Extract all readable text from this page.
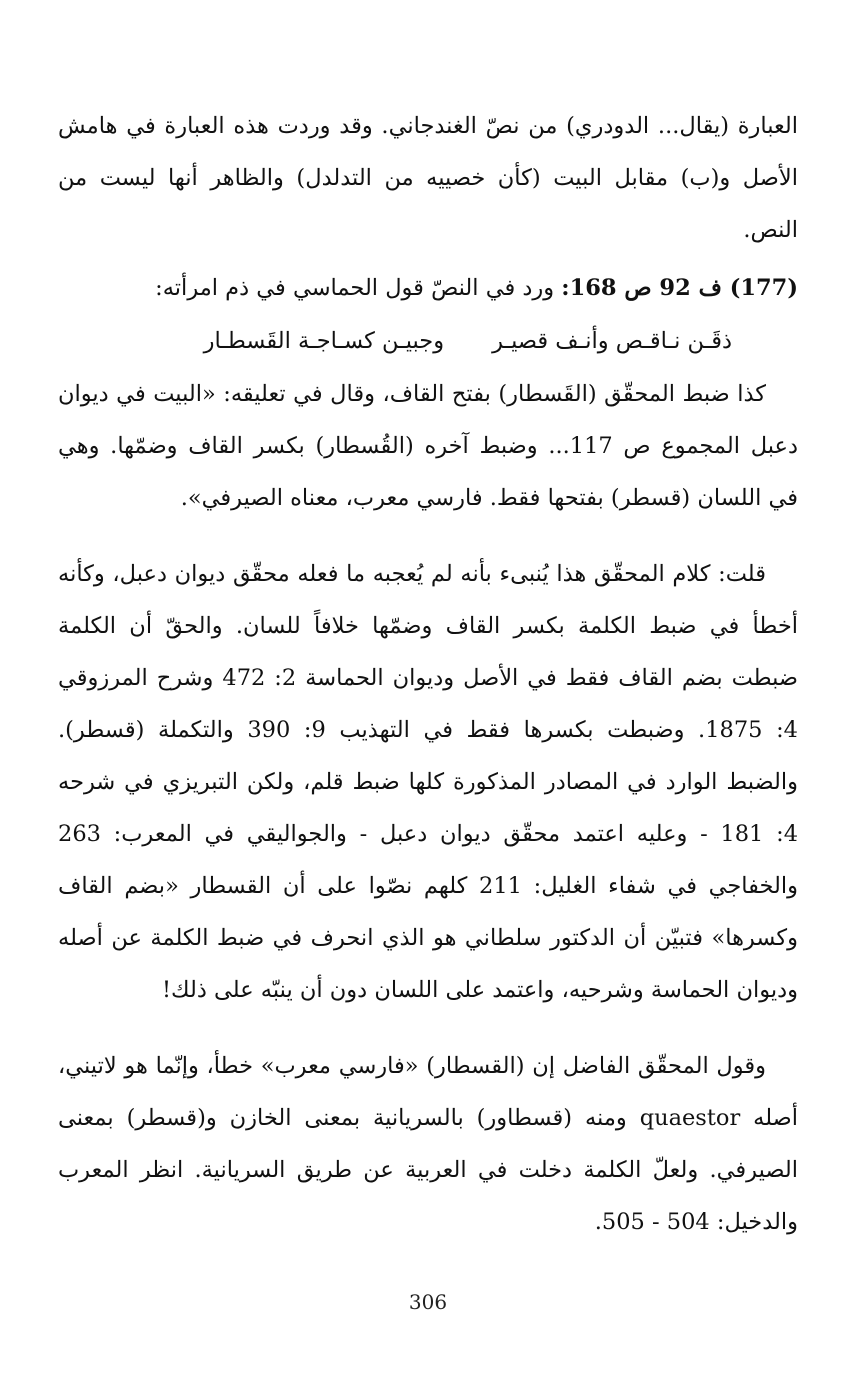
العبارة (يقال... الدودري) من نصّ الغندجاني. وقد وردت هذه العبارة في هامش الأصل و(ب) مقابل البيت (كأن خصييه من التدلدل) والظاهر أنها ليست من النص.

(177) ف 92 ص 168: ورد في النصّ قول الحماسي في ذم امرأته:

ذقَـن نـاقـص وأنـف قصيـر
وجبيـن كسـاجـة القَسطـار

كذا ضبط المحقّق (القَسطار) بفتح القاف، وقال في تعليقه: «البيت في ديوان دعبل المجموع ص 117... وضبط آخره (القُسطار) بكسر القاف وضمّها. وهي في اللسان (قسطر) بفتحها فقط. فارسي معرب، معناه الصيرفي».

قلت: كلام المحقّق هذا يُنبىء بأنه لم يُعجبه ما فعله محقّق ديوان دعبل، وكأنه أخطأ في ضبط الكلمة بكسر القاف وضمّها خلافاً للسان. والحقّ أن الكلمة ضبطت بضم القاف فقط في الأصل وديوان الحماسة 2: 472 وشرح المرزوقي 4: 1875. وضبطت بكسرها فقط في التهذيب 9: 390 والتكملة (قسطر). والضبط الوارد في المصادر المذكورة كلها ضبط قلم، ولكن التبريزي في شرحه 4: 181 - وعليه اعتمد محقّق ديوان دعبل - والجواليقي في المعرب: 263 والخفاجي في شفاء الغليل: 211 كلهم نصّوا على أن القسطار «بضم القاف وكسرها» فتبيّن أن الدكتور سلطاني هو الذي انحرف في ضبط الكلمة عن أصله وديوان الحماسة وشرحيه، واعتمد على اللسان دون أن ينبّه على ذلك!

وقول المحقّق الفاضل إن (القسطار) «فارسي معرب» خطأ، وإنّما هو لاتيني، أصله quaestor ومنه (قسطاور) بالسريانية بمعنى الخازن و(قسطر) بمعنى الصيرفي. ولعلّ الكلمة دخلت في العربية عن طريق السريانية. انظر المعرب والدخيل: 504 - 505.

306
